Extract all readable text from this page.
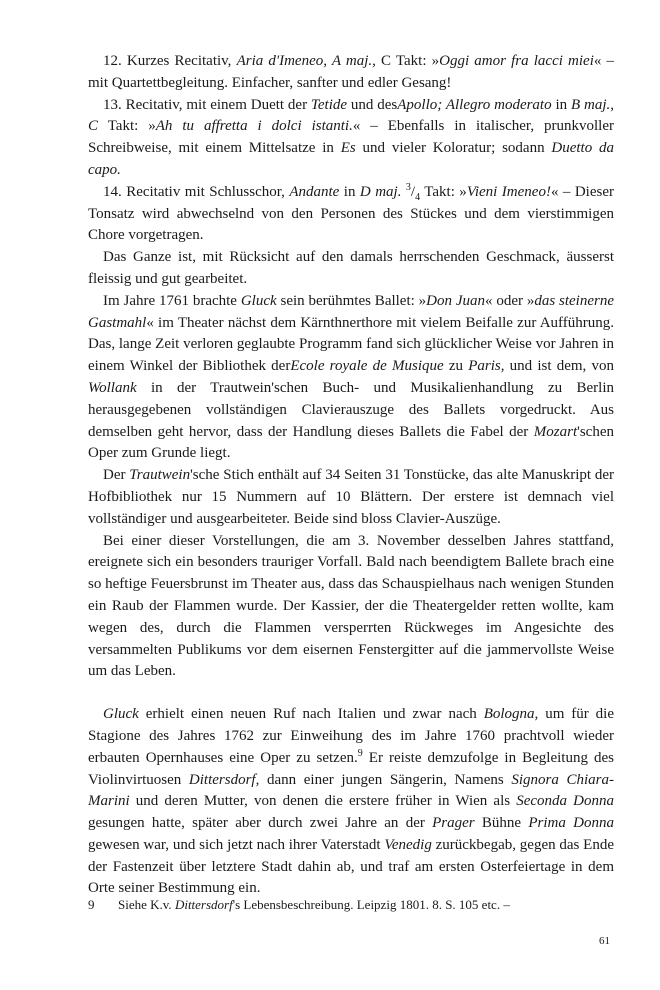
12. Kurzes Recitativ, Aria d'Imeneo, A maj., C Takt: »Oggi amor fra lacci miei« – mit Quartettbegleitung. Einfacher, sanfter und edler Gesang!

13. Recitativ, mit einem Duett der Tetide und desApollo; Allegro moderato in B maj., C Takt: »Ah tu affretta i dolci istanti.« – Ebenfalls in italischer, prunkvoller Schreibweise, mit einem Mittelsatze in Es und vieler Koloratur; sodann Duetto da capo.

14. Recitativ mit Schlusschor, Andante in D maj. $^3/_4$ Takt: »Vieni Imeneo!« – Dieser Tonsatz wird abwechselnd von den Personen des Stückes und dem vierstimmigen Chore vorgetragen.

Das Ganze ist, mit Rücksicht auf den damals herrschenden Geschmack, äusserst fleissig und gut gearbeitet.

Im Jahre 1761 brachte Gluck sein berühmtes Ballet: »Don Juan« oder »das steinerne Gastmahl« im Theater nächst dem Kärnthnerthore mit vielem Beifalle zur Aufführung. Das, lange Zeit verloren geglaubte Programm fand sich glücklicher Weise vor Jahren in einem Winkel der Bibliothek derEcole royale de Musique zu Paris, und ist dem, von Wollank in der Trautwein'schen Buch- und Musikalienhandlung zu Berlin herausgegebenen vollständigen Clavierauszuge des Ballets vorgedruckt. Aus demselben geht hervor, dass der Handlung dieses Ballets die Fabel der Mozart'schen Oper zum Grunde liegt.

Der Trautwein'sche Stich enthält auf 34 Seiten 31 Tonstücke, das alte Manuskript der Hofbibliothek nur 15 Nummern auf 10 Blättern. Der erstere ist demnach viel vollständiger und ausgearbeiteter. Beide sind bloss Clavier-Auszüge.

Bei einer dieser Vorstellungen, die am 3. November desselben Jahres stattfand, ereignete sich ein besonders trauriger Vorfall. Bald nach beendigtem Ballete brach eine so heftige Feuersbrunst im Theater aus, dass das Schauspielhaus nach wenigen Stunden ein Raub der Flammen wurde. Der Kassier, der die Theatergelder retten wollte, kam wegen des, durch die Flammen versperrten Rückweges im Angesichte des versammelten Publikums vor dem eisernen Fenstergitter auf die jammervollste Weise um das Leben.

Gluck erhielt einen neuen Ruf nach Italien und zwar nach Bologna, um für die Stagione des Jahres 1762 zur Einweihung des im Jahre 1760 prachtvoll wieder erbauten Opernhauses eine Oper zu setzen.$^9$ Er reiste demzufolge in Begleitung des Violinvirtuosen Dittersdorf, dann einer jungen Sängerin, Namens Signora Chiara-Marini und deren Mutter, von denen die erstere früher in Wien als Seconda Donna gesungen hatte, später aber durch zwei Jahre an der Prager Bühne Prima Donna gewesen war, und sich jetzt nach ihrer Vaterstadt Venedig zurückbegab, gegen das Ende der Fastenzeit über letztere Stadt dahin ab, und traf am ersten Osterfeiertage in dem Orte seiner Bestimmung ein.

9	Siehe K.v. Dittersdorf's Lebensbeschreibung. Leipzig 1801. 8. S. 105 etc. –
61
